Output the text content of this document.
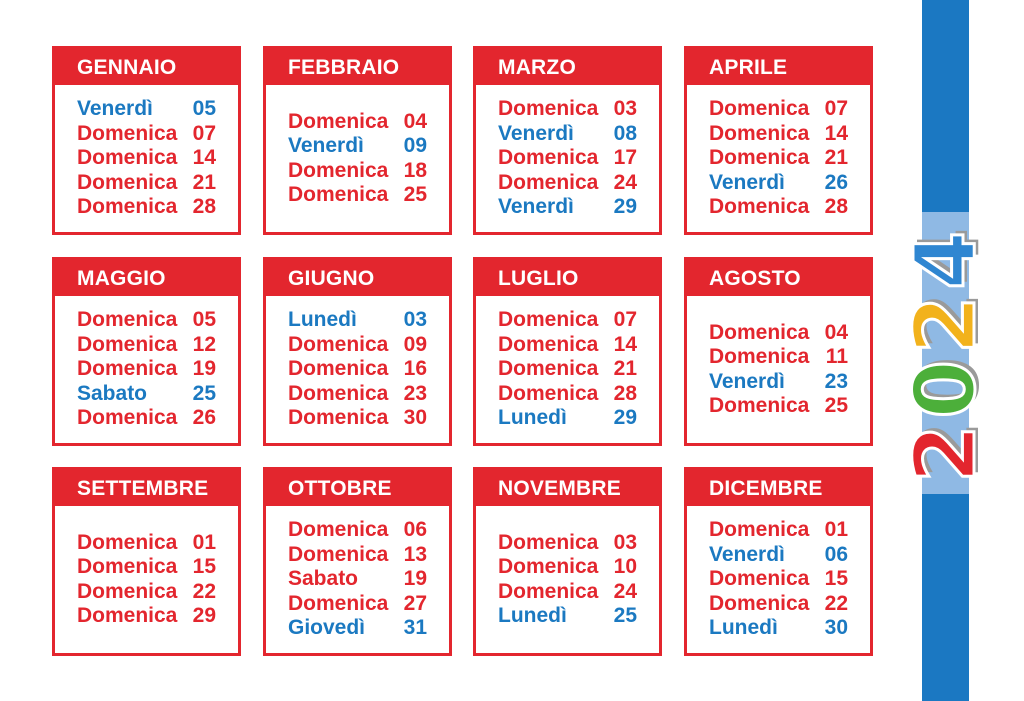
GENNAIO
Venerdì 05
Domenica 07
Domenica 14
Domenica 21
Domenica 28
FEBBRAIO
Domenica 04
Venerdì 09
Domenica 18
Domenica 25
MARZO
Domenica 03
Venerdì 08
Domenica 17
Domenica 24
Venerdì 29
APRILE
Domenica 07
Domenica 14
Domenica 21
Venerdì 26
Domenica 28
MAGGIO
Domenica 05
Domenica 12
Domenica 19
Sabato 25
Domenica 26
GIUGNO
Lunedì 03
Domenica 09
Domenica 16
Domenica 23
Domenica 30
LUGLIO
Domenica 07
Domenica 14
Domenica 21
Domenica 28
Lunedì 29
AGOSTO
Domenica 04
Domenica 11
Venerdì 23
Domenica 25
SETTEMBRE
Domenica 01
Domenica 15
Domenica 22
Domenica 29
OTTOBRE
Domenica 06
Domenica 13
Sabato 19
Domenica 27
Giovedì 31
NOVEMBRE
Domenica 03
Domenica 10
Domenica 24
Lunedì 25
DICEMBRE
Domenica 01
Venerdì 06
Domenica 15
Domenica 22
Lunedì 30
2
0
2
4
